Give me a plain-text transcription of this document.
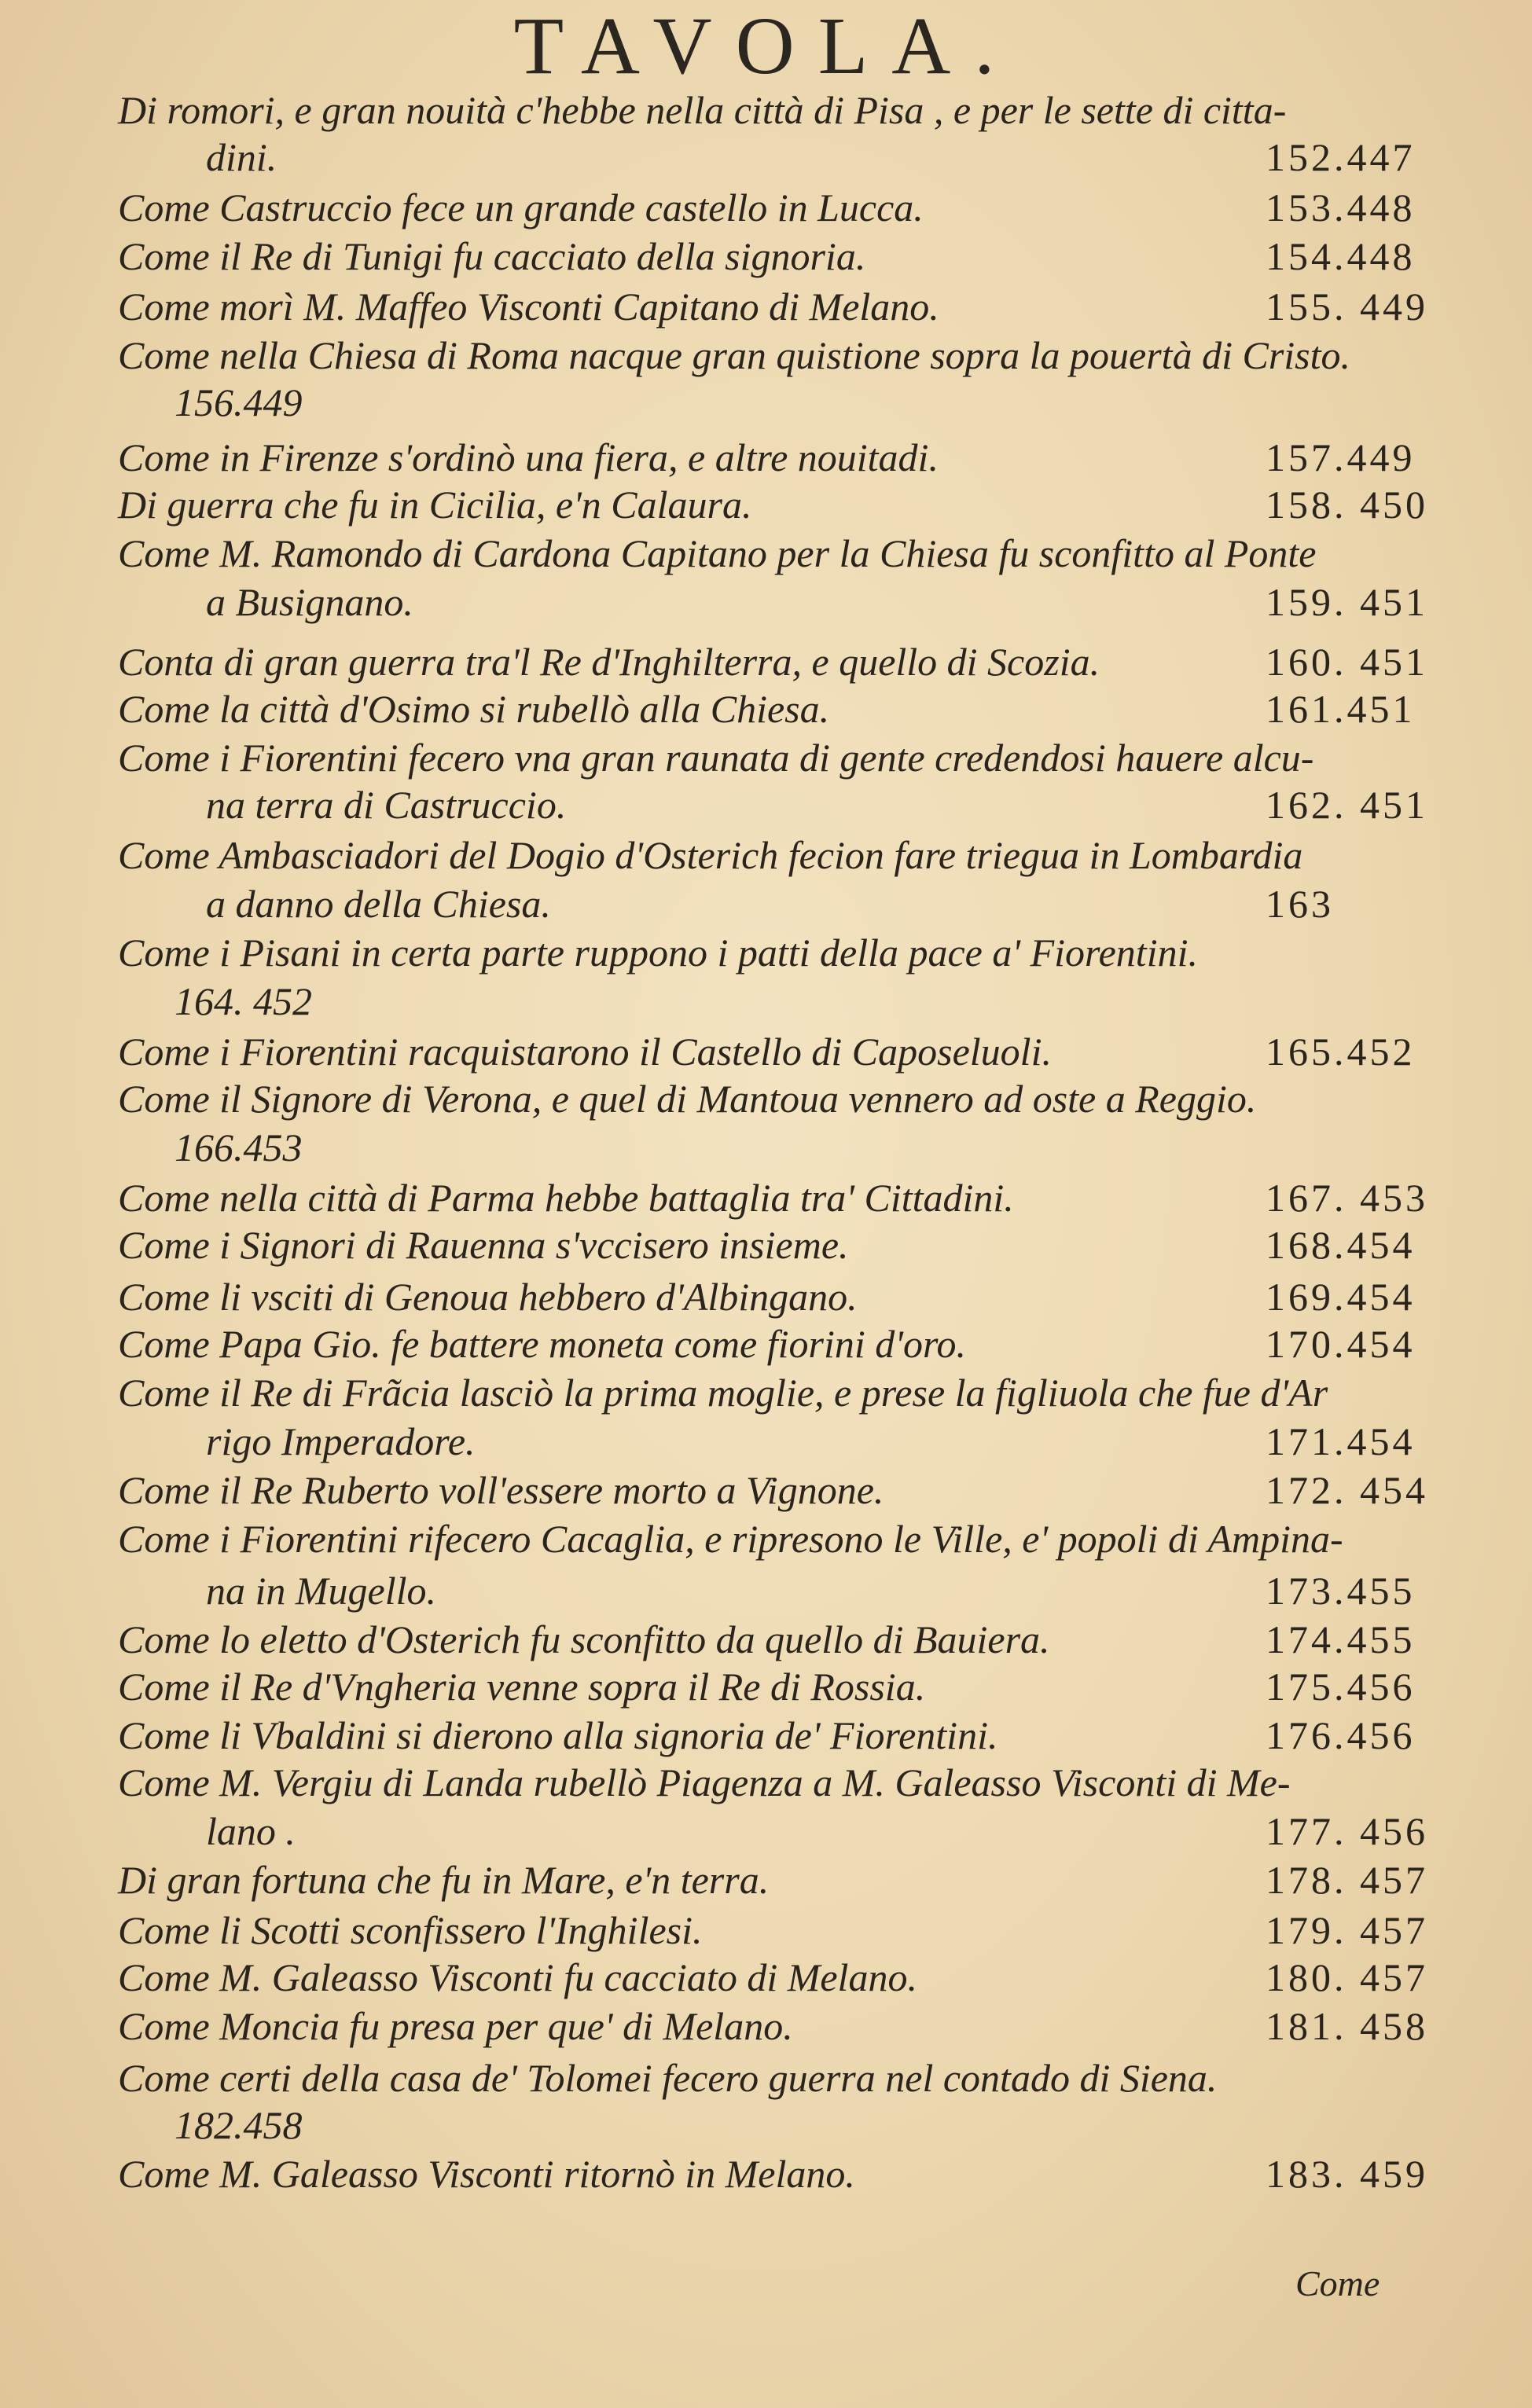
TAVOLA.
Di romori, e gran nouità c'hebbe nella città di Pisa , e per le sette di citta-
dini.	152.447
Come Castruccio fece un grande castello in Lucca.	153.448
Come il Re di Tunigi fu cacciato della signoria.	154.448
Come morì M. Maffeo Visconti Capitano di Melano.	155. 449
Come nella Chiesa di Roma nacque gran quistione sopra la pouertà di Cristo.
156.449
Come in Firenze s'ordinò una fiera, e altre nouitadi.	157.449
Di guerra che fu in Cicilia, e'n Calaura.	158. 450
Come M. Ramondo di Cardona Capitano per la Chiesa fu sconfitto al Ponte
a Busignano.	159. 451
Conta di gran guerra tra'l Re d'Inghilterra, e quello di Scozia.	160. 451
Come la città d'Osimo si rubellò alla Chiesa.	161.451
Come i Fiorentini fecero vna gran raunata di gente credendosi hauere alcu-
na terra di Castruccio.	162. 451
Come Ambasciadori del Dogio d'Osterich fecion fare triegua in Lombardia
a danno della Chiesa.	163
Come i Pisani in certa parte ruppono i patti della pace a' Fiorentini.
164. 452
Come i Fiorentini racquistarono il Castello di Caposeluoli.	165.452
Come il Signore di Verona, e quel di Mantoua vennero ad oste a Reggio.
166.453
Come nella città di Parma hebbe battaglia tra' Cittadini.	167. 453
Come i Signori di Rauenna s'vccisero insieme.	168.454
Come li vsciti di Genoua hebbero d'Albingano.	169.454
Come Papa Gio. fe battere moneta come fiorini d'oro.	170.454
Come il Re di Frãcia lasciò la prima moglie, e prese la figliuola che fue d'Ar
rigo Imperadore.	171.454
Come il Re Ruberto voll'essere morto a Vignone.	172. 454
Come i Fiorentini rifecero Cacaglia, e ripresono le Ville, e' popoli di Ampina-
na in Mugello.	173.455
Come lo eletto d'Osterich fu sconfitto da quello di Bauiera.	174.455
Come il Re d'Vngheria venne sopra il Re di Rossia.	175.456
Come li Vbaldini si dierono alla signoria de' Fiorentini.	176.456
Come M. Vergiu di Landa rubellò Piagenza a M. Galeasso Visconti di Me-
lano .	177. 456
Di gran fortuna che fu in Mare, e'n terra.	178. 457
Come li Scotti sconfissero l'Inghilesi.	179. 457
Come M. Galeasso Visconti fu cacciato di Melano.	180. 457
Come Moncia fu presa per que' di Melano.	181. 458
Come certi della casa de' Tolomei fecero guerra nel contado di Siena.
182.458
Come M. Galeasso Visconti ritornò in Melano.	183. 459
Come
